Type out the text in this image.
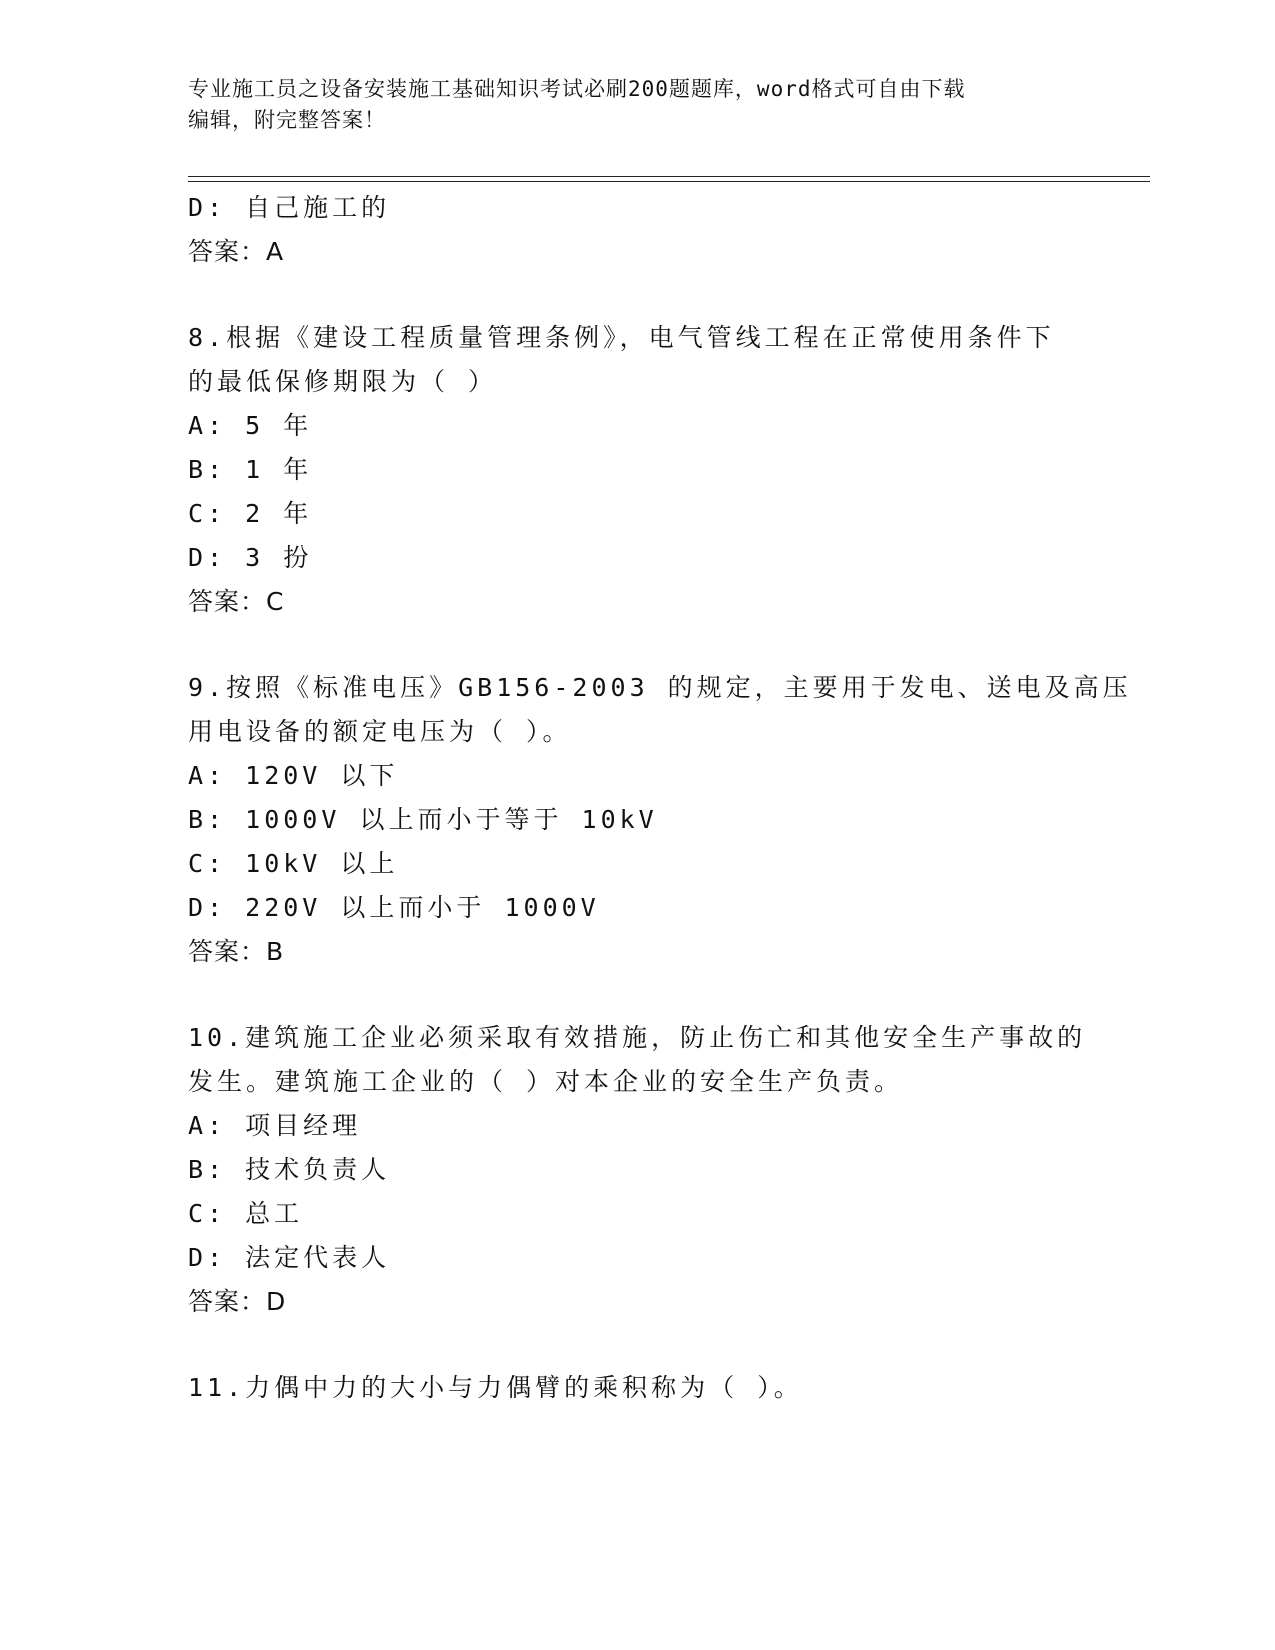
专业施工员之设备安装施工基础知识考试必刷200题题库，word格式可自由下载
编辑，附完整答案！
D: 自己施工的
答案：A
8.根据《建设工程质量管理条例》，电气管线工程在正常使用条件下
的最低保修期限为（ ）
A: 5 年
B: 1 年
C: 2 年
D: 3 扮
答案：C
9.按照《标准电压》GB156-2003 的规定，主要用于发电、送电及高压
用电设备的额定电压为（ ）。
A: 120V 以下
B: 1000V 以上而小于等于 10kV
C: 10kV 以上
D: 220V 以上而小于 1000V
答案：B
10.建筑施工企业必须采取有效措施，防止伤亡和其他安全生产事故的
发生。建筑施工企业的（ ）对本企业的安全生产负责。
A: 项目经理
B: 技术负责人
C: 总工
D: 法定代表人
答案：D
11.力偶中力的大小与力偶臂的乘积称为（ ）。
